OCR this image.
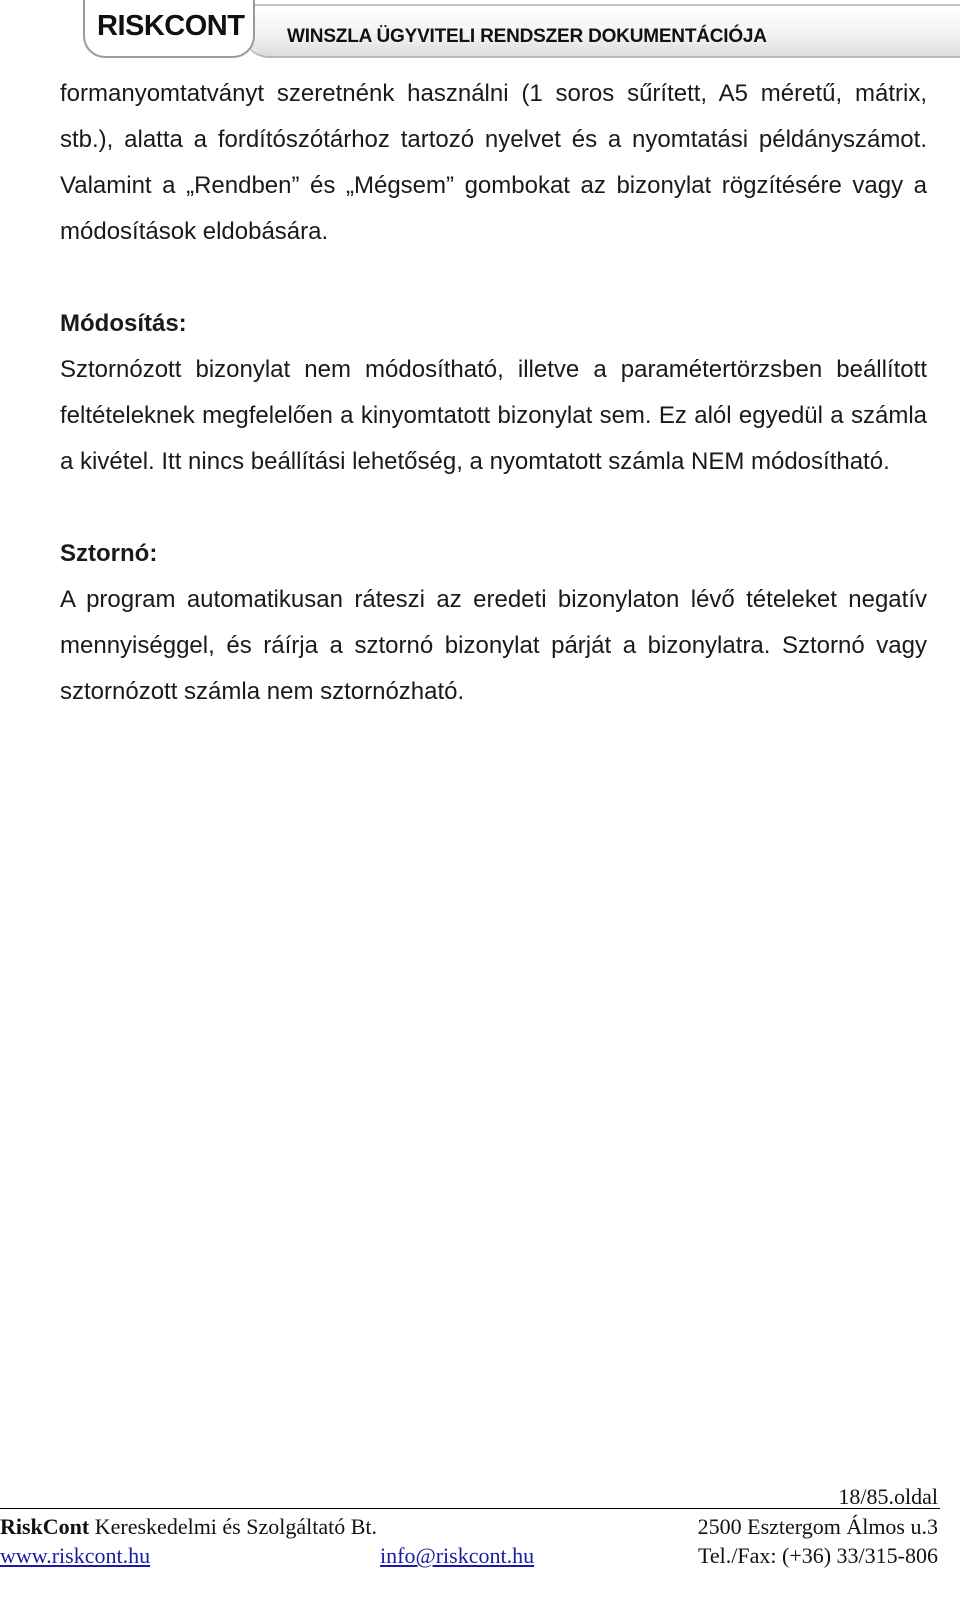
RISKCONT WINSZLA ÜGYVITELI RENDSZER DOKUMENTÁCIÓJA

formanyomtatványt szeretnénk használni (1 soros sűrített, A5 méretű, mátrix, stb.), alatta a fordítószótárhoz tartozó nyelvet és a nyomtatási példányszámot. Valamint a „Rendben” és „Mégsem” gombokat az bizonylat rögzítésére vagy a módosítások eldobására.

Módosítás:

Sztornózott bizonylat nem módosítható, illetve a paramétertörzsben beállított feltételeknek megfelelően a kinyomtatott bizonylat sem. Ez alól egyedül a számla a kivétel. Itt nincs beállítási lehetőség, a nyomtatott számla NEM módosítható.

Sztornó:

A program automatikusan ráteszi az eredeti bizonylaton lévő tételeket negatív mennyiséggel, és ráírja a sztornó bizonylat párját a bizonylatra. Sztornó vagy sztornózott számla nem sztornózható.

18/85.oldal
RiskCont Kereskedelmi és Szolgáltató Bt.	2500 Esztergom Álmos u.3
www.riskcont.hu	info@riskcont.hu	Tel./Fax: (+36) 33/315-806
